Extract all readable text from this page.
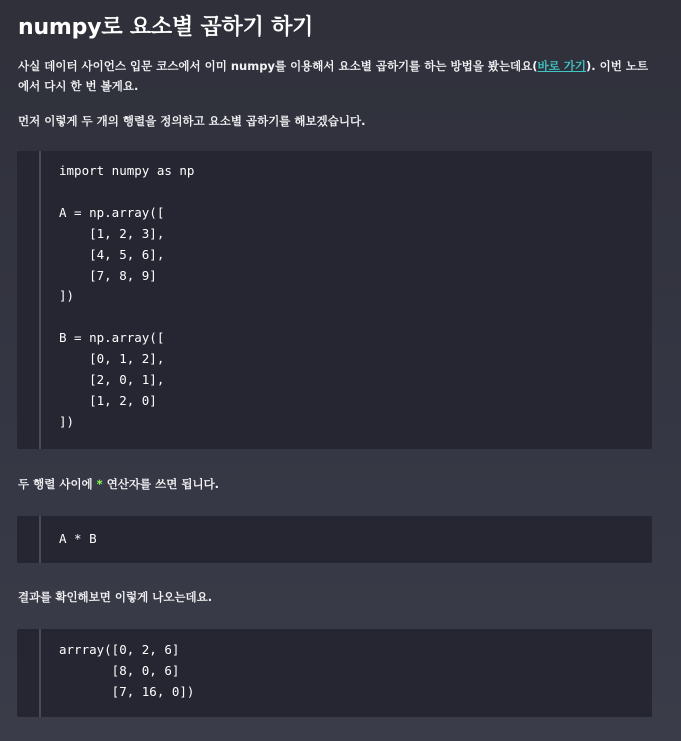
numpy로 요소별 곱하기 하기

사실 데이터 사이언스 입문 코스에서 이미 numpy를 이용해서 요소별 곱하기를 하는 방법을 봤는데요(바로 가기). 이번 노트에서 다시 한 번 볼게요.

먼저 이렇게 두 개의 행렬을 정의하고 요소별 곱하기를 해보겠습니다.

import numpy as np

A = np.array([
[1, 2, 3],
[4, 5, 6],
[7, 8, 9]
])

B = np.array([
[0, 1, 2],
[2, 0, 1],
[1, 2, 0]
])

두 행렬 사이에 * 연산자를 쓰면 됩니다.

A * B

결과를 확인해보면 이렇게 나오는데요.

arrray([0, 2, 6]
[8, 0, 6]
[7, 16, 0])
